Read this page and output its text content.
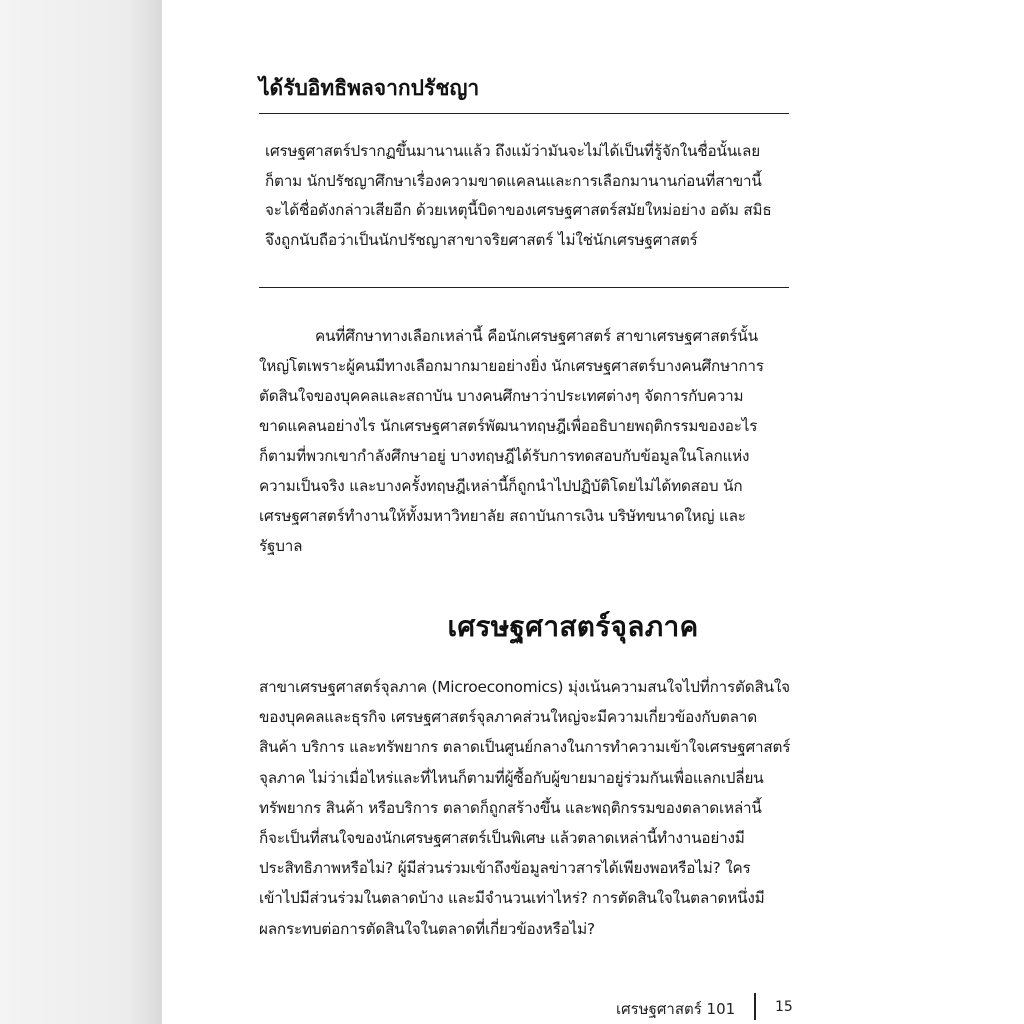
ได้รับอิทธิพลจากปรัชญา
เศรษฐศาสตร์ปรากฏขึ้นมานานแล้ว ถึงแม้ว่ามันจะไม่ได้เป็นที่รู้จักในชื่อนั้นเลย
ก็ตาม นักปรัชญาศึกษาเรื่องความขาดแคลนและการเลือกมานานก่อนที่สาขานี้
จะได้ชื่อดังกล่าวเสียอีก ด้วยเหตุนี้บิดาของเศรษฐศาสตร์สมัยใหม่อย่าง อดัม สมิธ
จึงถูกนับถือว่าเป็นนักปรัชญาสาขาจริยศาสตร์ ไม่ใช่นักเศรษฐศาสตร์
คนที่ศึกษาทางเลือกเหล่านี้ คือนักเศรษฐศาสตร์ สาขาเศรษฐศาสตร์นั้น
ใหญ่โตเพราะผู้คนมีทางเลือกมากมายอย่างยิ่ง นักเศรษฐศาสตร์บางคนศึกษาการ
ตัดสินใจของบุคคลและสถาบัน บางคนศึกษาว่าประเทศต่างๆ จัดการกับความ
ขาดแคลนอย่างไร นักเศรษฐศาสตร์พัฒนาทฤษฎีเพื่ออธิบายพฤติกรรมของอะไร
ก็ตามที่พวกเขากำลังศึกษาอยู่ บางทฤษฎีได้รับการทดสอบกับข้อมูลในโลกแห่ง
ความเป็นจริง และบางครั้งทฤษฎีเหล่านี้ก็ถูกนำไปปฏิบัติโดยไม่ได้ทดสอบ นัก
เศรษฐศาสตร์ทำงานให้ทั้งมหาวิทยาลัย สถาบันการเงิน บริษัทขนาดใหญ่ และ
รัฐบาล
เศรษฐศาสตร์จุลภาค
สาขาเศรษฐศาสตร์จุลภาค (Microeconomics) มุ่งเน้นความสนใจไปที่การตัดสินใจ
ของบุคคลและธุรกิจ เศรษฐศาสตร์จุลภาคส่วนใหญ่จะมีความเกี่ยวข้องกับตลาด
สินค้า บริการ และทรัพยากร ตลาดเป็นศูนย์กลางในการทำความเข้าใจเศรษฐศาสตร์
จุลภาค ไม่ว่าเมื่อไหร่และที่ไหนก็ตามที่ผู้ซื้อกับผู้ขายมาอยู่ร่วมกันเพื่อแลกเปลี่ยน
ทรัพยากร สินค้า หรือบริการ ตลาดก็ถูกสร้างขึ้น และพฤติกรรมของตลาดเหล่านี้
ก็จะเป็นที่สนใจของนักเศรษฐศาสตร์เป็นพิเศษ แล้วตลาดเหล่านี้ทำงานอย่างมี
ประสิทธิภาพหรือไม่? ผู้มีส่วนร่วมเข้าถึงข้อมูลข่าวสารได้เพียงพอหรือไม่? ใคร
เข้าไปมีส่วนร่วมในตลาดบ้าง และมีจำนวนเท่าไหร่? การตัดสินใจในตลาดหนึ่งมี
ผลกระทบต่อการตัดสินใจในตลาดที่เกี่ยวข้องหรือไม่?
เศรษฐศาสตร์ 101	15
